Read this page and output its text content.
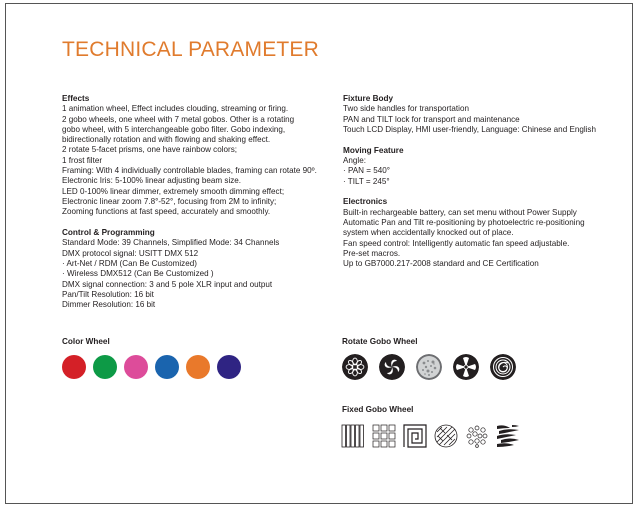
TECHNICAL PARAMETER
Effects
1 animation wheel, Effect includes clouding, streaming or firing.
2 gobo wheels, one wheel with 7 metal gobos. Other is a rotating
gobo wheel, with 5 interchangeable gobo filter. Gobo indexing,
bidirectionally rotation and with flowing and shaking effect.
2 rotate 5-facet prisms, one have rainbow colors;
1 frost filter
Framing: With 4 individually controllable blades, framing can rotate 90º.
Electronic Iris: 5-100% linear adjusting beam size.
LED 0-100% linear dimmer, extremely smooth dimming effect;
Electronic linear zoom 7.8°-52°, focusing from 2M to infinity;
Zooming functions at fast speed, accurately and smoothly.
Control & Programming
Standard Mode: 39 Channels, Simplified Mode: 34 Channels
DMX protocol signal: USITT DMX 512
· Art-Net / RDM (Can Be Customized)
· Wireless DMX512 (Can Be Customized )
DMX signal connection: 3 and 5 pole XLR input and output
Pan/Tilt Resolution: 16 bit
Dimmer Resolution: 16 bit
Fixture Body
Two side handles for transportation
PAN and TILT lock for transport and maintenance
Touch LCD Display, HMI user-friendly, Language: Chinese and English
Moving Feature
Angle:
· PAN = 540°
· TILT = 245°
Electronics
Built-in rechargeable battery, can set menu without Power Supply
Automatic Pan and Tilt re-positioning by photoelectric re-positioning
system when accidentally knocked out of place.
Fan speed control: Intelligently automatic fan speed adjustable.
Pre-set macros.
Up to GB7000.217-2008 standard and CE Certification
Color Wheel	Rotate Gobo Wheel
Fixed Gobo Wheel
